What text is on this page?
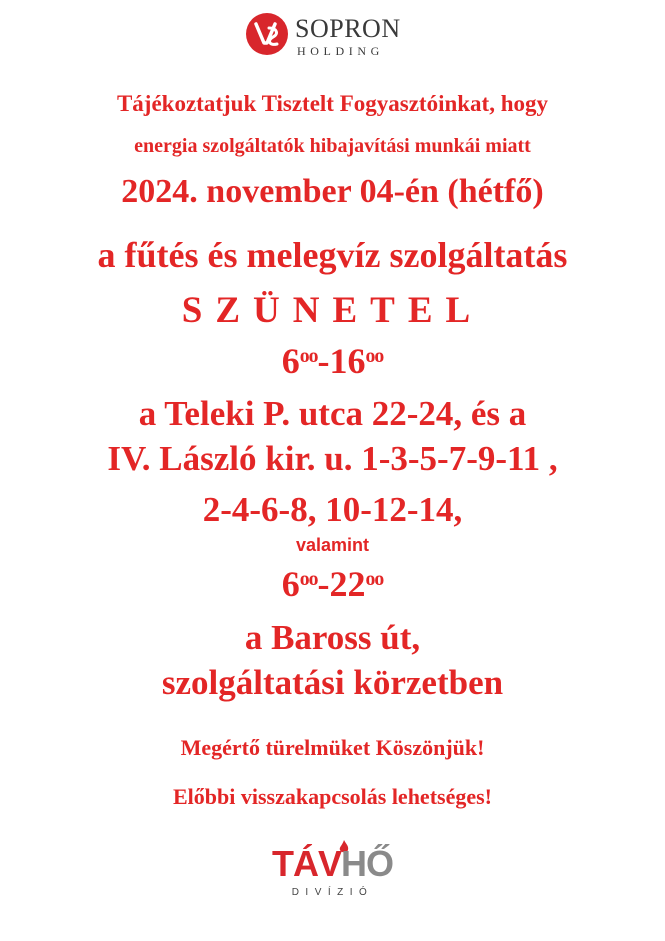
SOPRON
HOLDING
Tájékoztatjuk Tisztelt Fogyasztóinkat, hogy
energia szolgáltatók hibajavítási munkái miatt
2024. november 04-én (hétfő)
a fűtés és melegvíz szolgáltatás
SZÜNETEL
$6^{oo}-16^{oo}$
a Teleki P. utca 22-24, és a
IV. László kir. u. 1-3-5-7-9-11 ,
2-4-6-8, 10-12-14,
valamint
$6^{oo}-22^{oo}$
a Baross út,
szolgáltatási körzetben
Megértő türelmüket Köszönjük!
Előbbi visszakapcsolás lehetséges!
TÁVHŐ
DIVÍZIÓ
